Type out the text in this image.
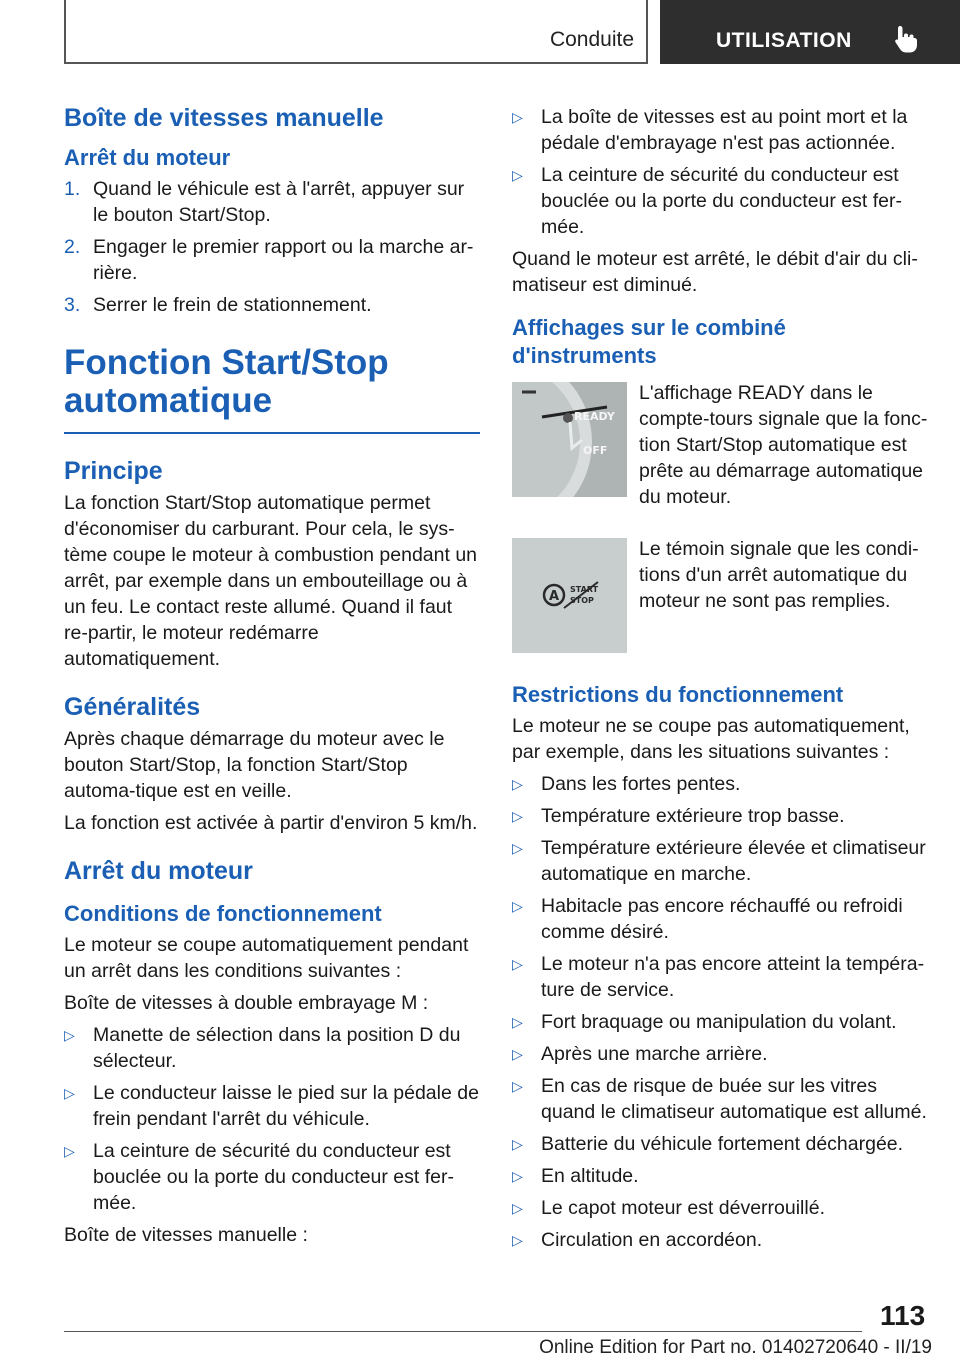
Conduite	UTILISATION
Boîte de vitesses manuelle
Arrêt du moteur
1. Quand le véhicule est à l'arrêt, appuyer sur le bouton Start/Stop.
2. Engager le premier rapport ou la marche ar-rière.
3. Serrer le frein de stationnement.
Fonction Start/Stop automatique
Principe
La fonction Start/Stop automatique permet d'économiser du carburant. Pour cela, le sys-tème coupe le moteur à combustion pendant un arrêt, par exemple dans un embouteillage ou à un feu. Le contact reste allumé. Quand il faut re-partir, le moteur redémarre automatiquement.
Généralités
Après chaque démarrage du moteur avec le bouton Start/Stop, la fonction Start/Stop automa-tique est en veille.
La fonction est activée à partir d'environ 5 km/h.
Arrêt du moteur
Conditions de fonctionnement
Le moteur se coupe automatiquement pendant un arrêt dans les conditions suivantes :
Boîte de vitesses à double embrayage M :
▷ Manette de sélection dans la position D du sélecteur.
▷ Le conducteur laisse le pied sur la pédale de frein pendant l'arrêt du véhicule.
▷ La ceinture de sécurité du conducteur est bouclée ou la porte du conducteur est fer-mée.
Boîte de vitesses manuelle :
▷ La boîte de vitesses est au point mort et la pédale d'embrayage n'est pas actionnée.
▷ La ceinture de sécurité du conducteur est bouclée ou la porte du conducteur est fer-mée.
Quand le moteur est arrêté, le débit d'air du cli-matiseur est diminué.
Affichages sur le combiné d'instruments
READY
OFF
L'affichage READY dans le compte-tours signale que la fonc-tion Start/Stop automatique est prête au démarrage automatique du moteur.
A START
STOP
Le témoin signale que les condi-tions d'un arrêt automatique du moteur ne sont pas remplies.
Restrictions du fonctionnement
Le moteur ne se coupe pas automatiquement, par exemple, dans les situations suivantes :
▷ Dans les fortes pentes.
▷ Température extérieure trop basse.
▷ Température extérieure élevée et climatiseur automatique en marche.
▷ Habitacle pas encore réchauffé ou refroidi comme désiré.
▷ Le moteur n'a pas encore atteint la tempéra-ture de service.
▷ Fort braquage ou manipulation du volant.
▷ Après une marche arrière.
▷ En cas de risque de buée sur les vitres quand le climatiseur automatique est allumé.
▷ Batterie du véhicule fortement déchargée.
▷ En altitude.
▷ Le capot moteur est déverrouillé.
▷ Circulation en accordéon.
113
Online Edition for Part no. 01402720640 - II/19
